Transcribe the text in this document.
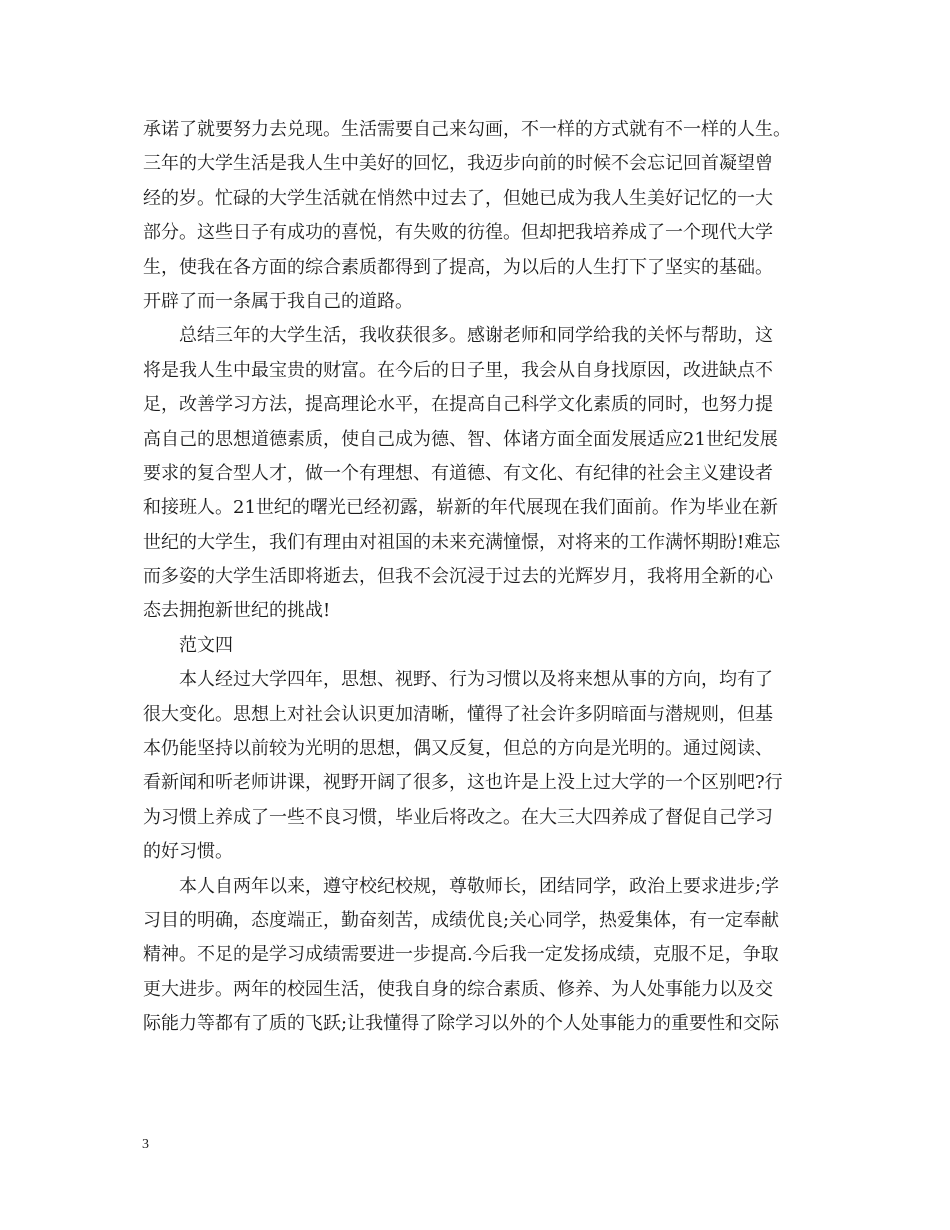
承诺了就要努力去兑现。生活需要自己来勾画，不一样的方式就有不一样的人生。
三年的大学生活是我人生中美好的回忆，我迈步向前的时候不会忘记回首凝望曾
经的岁。忙碌的大学生活就在悄然中过去了，但她已成为我人生美好记忆的一大
部分。这些日子有成功的喜悦，有失败的彷徨。但却把我培养成了一个现代大学
生，使我在各方面的综合素质都得到了提高，为以后的人生打下了坚实的基础。
开辟了而一条属于我自己的道路。
总结三年的大学生活，我收获很多。感谢老师和同学给我的关怀与帮助，这
将是我人生中最宝贵的财富。在今后的日子里，我会从自身找原因，改进缺点不
足，改善学习方法，提高理论水平，在提高自己科学文化素质的同时，也努力提
高自己的思想道德素质，使自己成为德、智、体诸方面全面发展适应21世纪发展
要求的复合型人才，做一个有理想、有道德、有文化、有纪律的社会主义建设者
和接班人。21世纪的曙光已经初露，崭新的年代展现在我们面前。作为毕业在新
世纪的大学生，我们有理由对祖国的未来充满憧憬，对将来的工作满怀期盼!难忘
而多姿的大学生活即将逝去，但我不会沉浸于过去的光辉岁月，我将用全新的心
态去拥抱新世纪的挑战!
范文四
本人经过大学四年，思想、视野、行为习惯以及将来想从事的方向，均有了
很大变化。思想上对社会认识更加清晰，懂得了社会许多阴暗面与潜规则，但基
本仍能坚持以前较为光明的思想，偶又反复，但总的方向是光明的。通过阅读、
看新闻和听老师讲课，视野开阔了很多，这也许是上没上过大学的一个区别吧?行
为习惯上养成了一些不良习惯，毕业后将改之。在大三大四养成了督促自己学习
的好习惯。
本人自两年以来，遵守校纪校规，尊敬师长，团结同学，政治上要求进步;学
习目的明确，态度端正，勤奋刻苦，成绩优良;关心同学，热爱集体，有一定奉献
精神。不足的是学习成绩需要进一步提高.今后我一定发扬成绩，克服不足，争取
更大进步。两年的校园生活，使我自身的综合素质、修养、为人处事能力以及交
际能力等都有了质的飞跃;让我懂得了除学习以外的个人处事能力的重要性和交际
3
